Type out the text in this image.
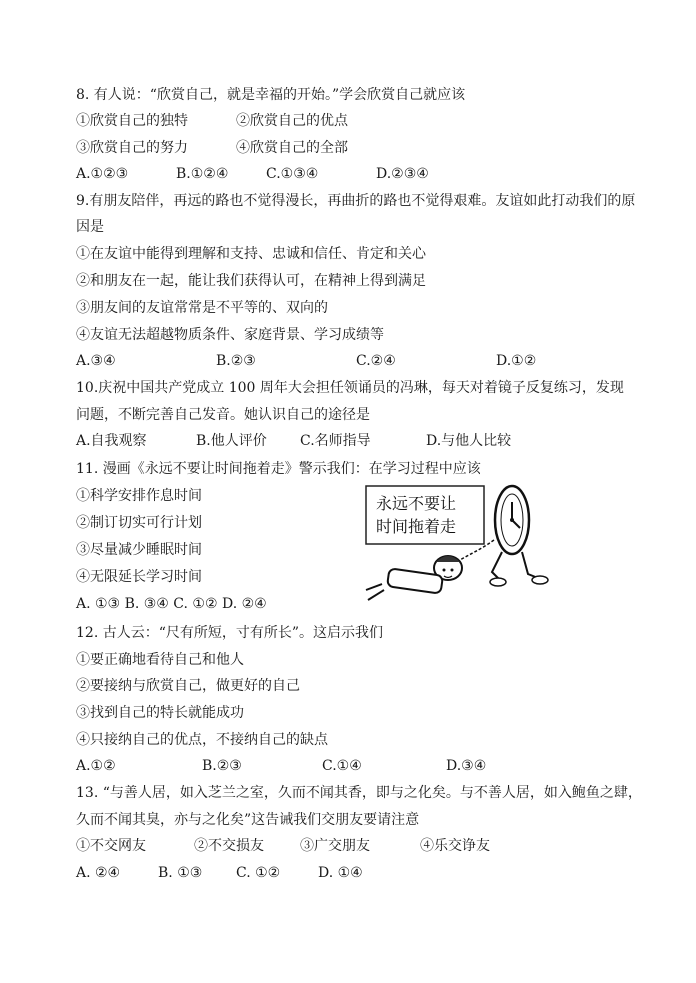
8. 有人说：“欣赏自己，就是幸福的开始。”学会欣赏自己就应该
①欣赏自己的独特	②欣赏自己的优点
③欣赏自己的努力	④欣赏自己的全部
A.①②③	B.①②④	C.①③④	D.②③④
9.有朋友陪伴，再远的路也不觉得漫长，再曲折的路也不觉得艰难。友谊如此打动我们的原
因是
①在友谊中能得到理解和支持、忠诚和信任、肯定和关心
②和朋友在一起，能让我们获得认可，在精神上得到满足
③朋友间的友谊常常是不平等的、双向的
④友谊无法超越物质条件、家庭背景、学习成绩等
A.③④	B.②③	C.②④	D.①②
10.庆祝中国共产党成立 100 周年大会担任领诵员的冯琳，每天对着镜子反复练习，发现
问题，不断完善自己发音。她认识自己的途径是
A.自我观察	B.他人评价 C.名师指导	D.与他人比较
11. 漫画《永远不要让时间拖着走》警示我们：在学习过程中应该
①科学安排作息时间
②制订切实可行计划
③尽量减少睡眠时间
④无限延长学习时间
A. ①③ B. ③④ C. ①② D. ②④
永远不要让
时间拖着走
12. 古人云：“尺有所短，寸有所长”。这启示我们
①要正确地看待自己和他人
②要接纳与欣赏自己，做更好的自己
③找到自己的特长就能成功
④只接纳自己的优点，不接纳自己的缺点
A.①②	B.②③	C.①④	D.③④
13. “与善人居，如入芝兰之室，久而不闻其香，即与之化矣。与不善人居，如入鲍鱼之肆，
久而不闻其臭，亦与之化矣”这告诫我们交朋友要请注意
①不交网友	②不交损友	③广交朋友	④乐交诤友
A. ②④	B. ①③ C. ①②	D. ①④
